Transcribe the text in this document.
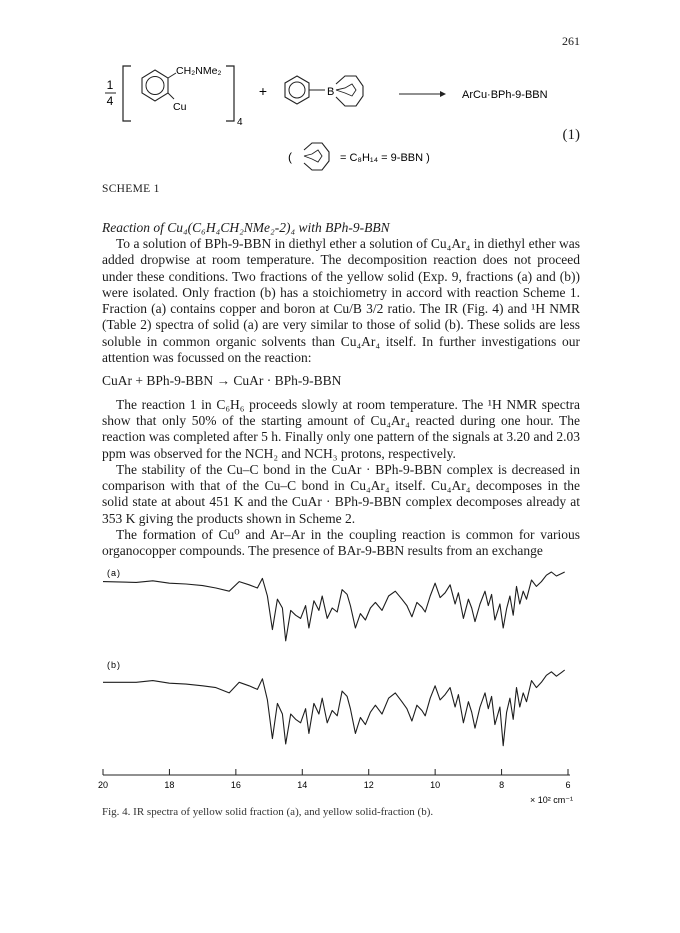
261
1
4
CH₂NMe₂
Cu
4
+	B	ArCu·BPh-9-BBN
(	= C₈H₁₄ = 9-BBN )
(1)
SCHEME 1
Reaction of Cu₄(C₆H₄CH₂NMe₂-2)₄ with BPh-9-BBN

To a solution of BPh-9-BBN in diethyl ether a solution of Cu₄Ar₄ in diethyl ether was added dropwise at room temperature. The decomposition reaction does not proceed under these conditions. Two fractions of the yellow solid (Exp. 9, fractions (a) and (b)) were isolated. Only fraction (b) has a stoichiometry in accord with reaction Scheme 1. Fraction (a) contains copper and boron at Cu/B 3/2 ratio. The IR (Fig. 4) and ¹H NMR (Table 2) spectra of solid (a) are very similar to those of solid (b). These solids are less soluble in common organic solvents than Cu₄Ar₄ itself. In further investigations our attention was focussed on the reaction:

CuAr + BPh-9-BBN → CuAr · BPh-9-BBN

The reaction 1 in C₆H₆ proceeds slowly at room temperature. The ¹H NMR spectra show that only 50% of the starting amount of Cu₄Ar₄ reacted during one hour. The reaction was completed after 5 h. Finally only one pattern of the signals at 3.20 and 2.03 ppm was observed for the NCH₂ and NCH₃ protons, respectively.

The stability of the Cu–C bond in the CuAr · BPh-9-BBN complex is decreased in comparison with that of the Cu–C bond in Cu₄Ar₄ itself. Cu₄Ar₄ decomposes in the solid state at about 451 K and the CuAr · BPh-9-BBN complex decomposes already at 353 K giving the products shown in Scheme 2.

The formation of Cu⁰ and Ar–Ar in the coupling reaction is common for various organocopper compounds. The presence of BAr-9-BBN results from an exchange

(a)
(b)
20	18	16	14	12	10	8	6
× 10² cm⁻¹
Fig. 4. IR spectra of yellow solid fraction (a), and yellow solid-fraction (b).
